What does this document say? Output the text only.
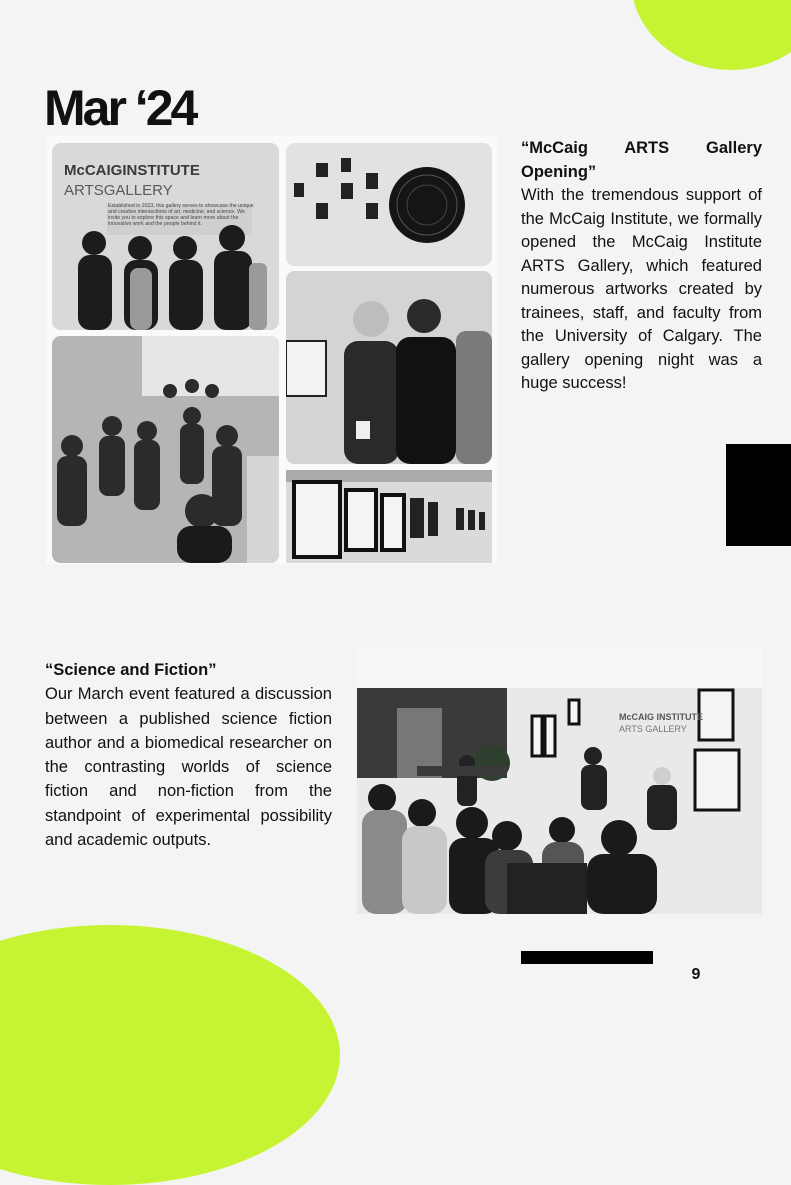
Mar ‘24
McCAIGINSTITUTE
ARTSGALLERY
Established in 2023, this gallery serves to showcase the unique and creative intersections of art, medicine, and science. We invite you to explore this space and learn more about the innovative work and the people behind it.
“McCaig ARTS Gallery Opening”

With the tremendous support of the McCaig Institute, we formally opened the McCaig Institute ARTS Gallery, which featured numerous artworks created by trainees, staff, and faculty from the University of Calgary. The gallery opening night was a huge success!

“Science and Fiction”

Our March event featured a discussion between a published science fiction author and a biomedical researcher on the contrasting worlds of science fiction and non-fiction from the standpoint of experimental possibility and academic outputs.

McCAIG INSTITUTE
ARTS GALLERY
9
